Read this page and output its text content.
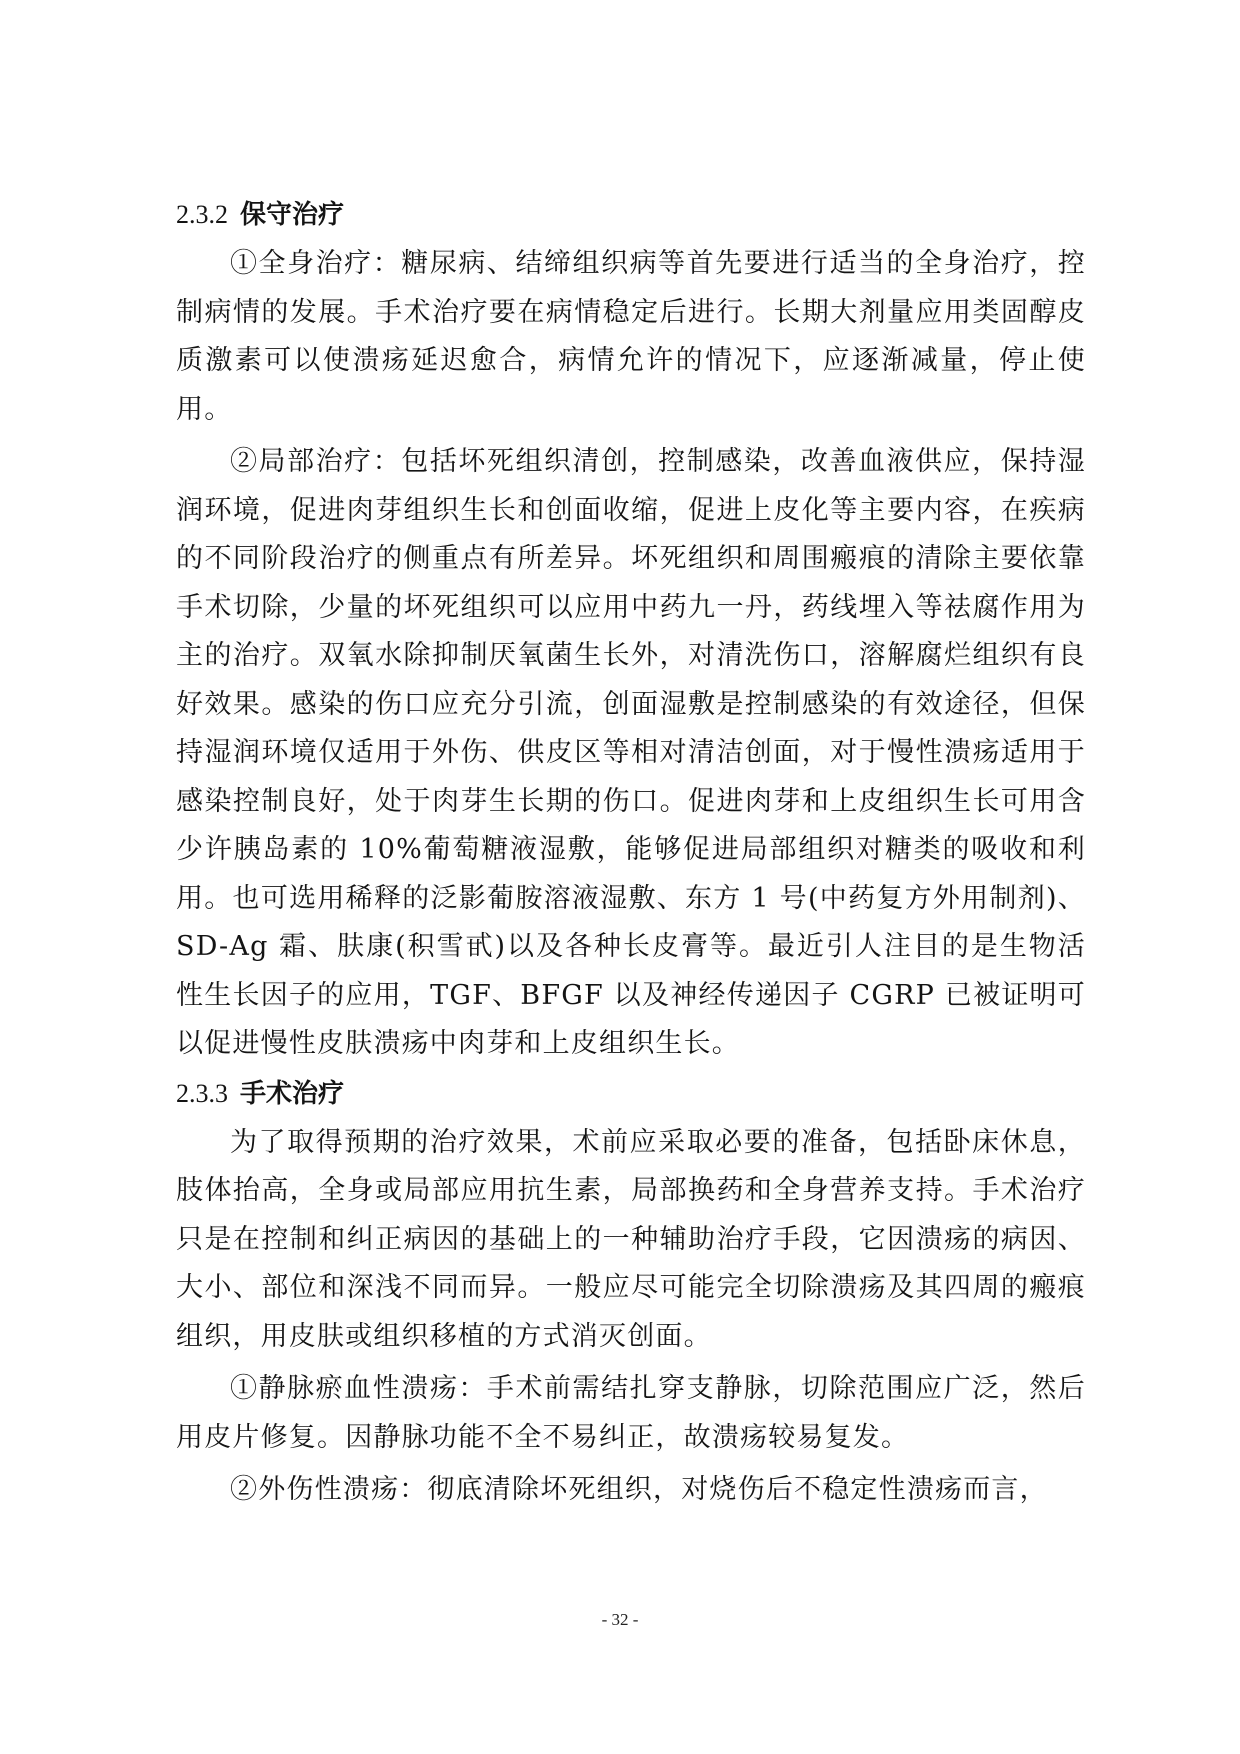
2.3.2 保守治疗

①全身治疗：糖尿病、结缔组织病等首先要进行适当的全身治疗，控制病情的发展。手术治疗要在病情稳定后进行。长期大剂量应用类固醇皮质激素可以使溃疡延迟愈合，病情允许的情况下，应逐渐减量，停止使用。

②局部治疗：包括坏死组织清创，控制感染，改善血液供应，保持湿润环境，促进肉芽组织生长和创面收缩，促进上皮化等主要内容，在疾病的不同阶段治疗的侧重点有所差异。坏死组织和周围瘢痕的清除主要依靠手术切除，少量的坏死组织可以应用中药九一丹，药线埋入等祛腐作用为主的治疗。双氧水除抑制厌氧菌生长外，对清洗伤口，溶解腐烂组织有良好效果。感染的伤口应充分引流，创面湿敷是控制感染的有效途径，但保持湿润环境仅适用于外伤、供皮区等相对清洁创面，对于慢性溃疡适用于感染控制良好，处于肉芽生长期的伤口。促进肉芽和上皮组织生长可用含少许胰岛素的 10%葡萄糖液湿敷，能够促进局部组织对糖类的吸收和利用。也可选用稀释的泛影葡胺溶液湿敷、东方 1 号(中药复方外用制剂)、SD-Ag 霜、肤康(积雪甙)以及各种长皮膏等。最近引人注目的是生物活性生长因子的应用，TGF、BFGF 以及神经传递因子 CGRP 已被证明可以促进慢性皮肤溃疡中肉芽和上皮组织生长。

2.3.3 手术治疗

为了取得预期的治疗效果，术前应采取必要的准备，包括卧床休息，肢体抬高，全身或局部应用抗生素，局部换药和全身营养支持。手术治疗只是在控制和纠正病因的基础上的一种辅助治疗手段，它因溃疡的病因、大小、部位和深浅不同而异。一般应尽可能完全切除溃疡及其四周的瘢痕组织，用皮肤或组织移植的方式消灭创面。

①静脉瘀血性溃疡：手术前需结扎穿支静脉，切除范围应广泛，然后用皮片修复。因静脉功能不全不易纠正，故溃疡较易复发。

②外伤性溃疡：彻底清除坏死组织，对烧伤后不稳定性溃疡而言，

- 32 -
